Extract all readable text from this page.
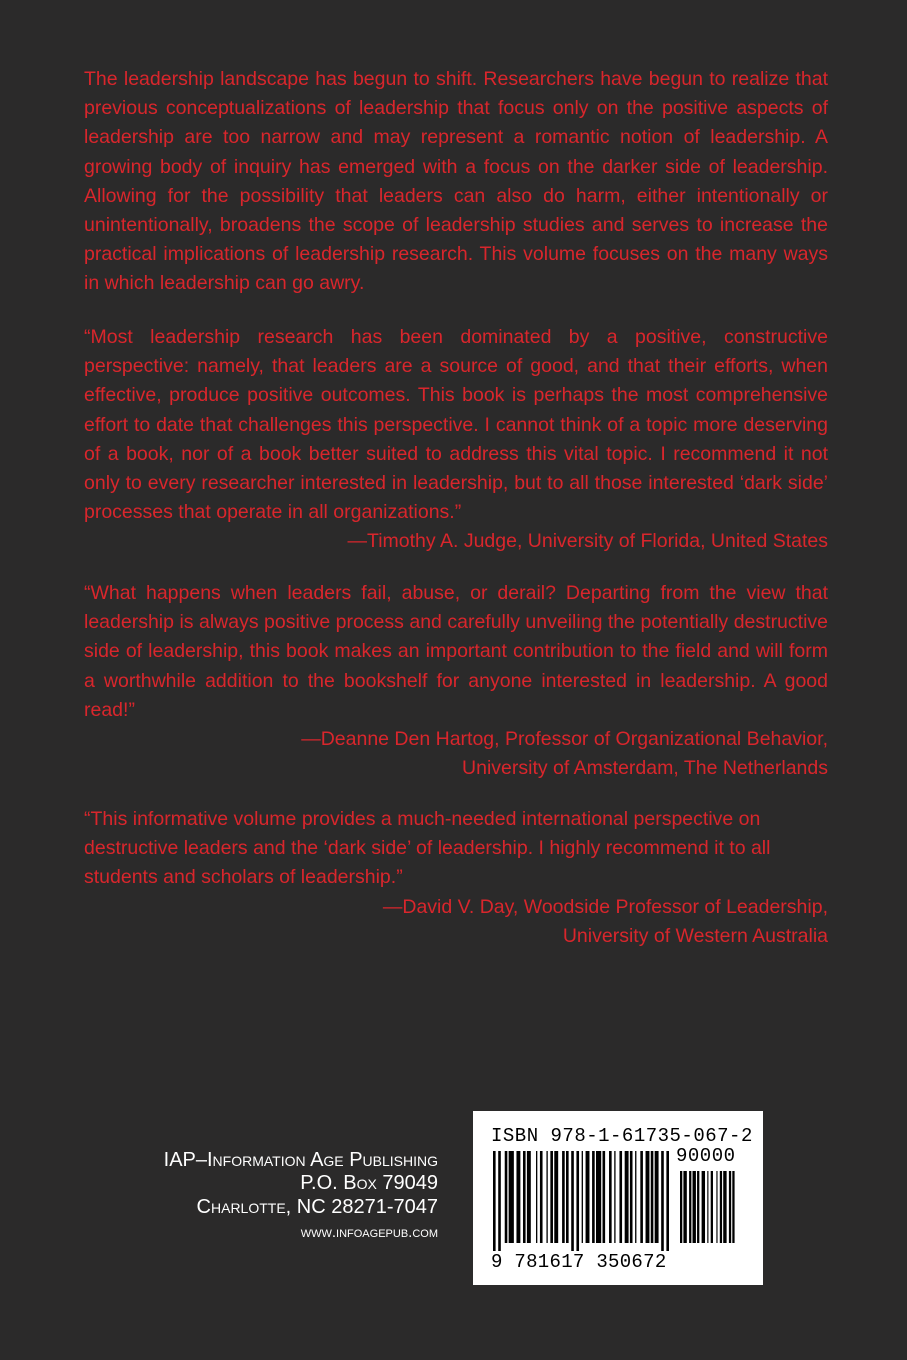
The leadership landscape has begun to shift. Researchers have begun to realize that previous conceptualizations of leadership that focus only on the positive aspects of leadership are too narrow and may represent a romantic notion of leadership. A growing body of inquiry has emerged with a focus on the darker side of leadership. Allowing for the possibility that leaders can also do harm, either intentionally or unintentionally, broadens the scope of leadership studies and serves to increase the practical implications of leadership research. This volume focuses on the many ways in which leadership can go awry.

“Most leadership research has been dominated by a positive, constructive perspective: namely, that leaders are a source of good, and that their efforts, when effective, produce positive outcomes. This book is perhaps the most comprehensive effort to date that challenges this perspective. I cannot think of a topic more deserving of a book, nor of a book better suited to address this vital topic. I recommend it not only to every researcher interested in leadership, but to all those interested ‘dark side’ processes that operate in all organizations.”
—Timothy A. Judge, University of Florida, United States
“What happens when leaders fail, abuse, or derail? Departing from the view that leadership is always positive process and carefully unveiling the potentially destructive side of leadership, this book makes an important contribution to the field and will form a worthwhile addition to the bookshelf for anyone interested in leadership. A good read!”
—Deanne Den Hartog, Professor of Organizational Behavior,
University of Amsterdam, The Netherlands
“This informative volume provides a much-needed international perspective on destructive leaders and the ‘dark side’ of leadership. I highly recommend it to all students and scholars of leadership.”
—David V. Day, Woodside Professor of Leadership,
University of Western Australia
IAP–Information Age Publishing
P.O. Box 79049
Charlotte, NC 28271-7047
www.infoagepub.com
ISBN 978-1-61735-067-2
90000
9 781617 350672
